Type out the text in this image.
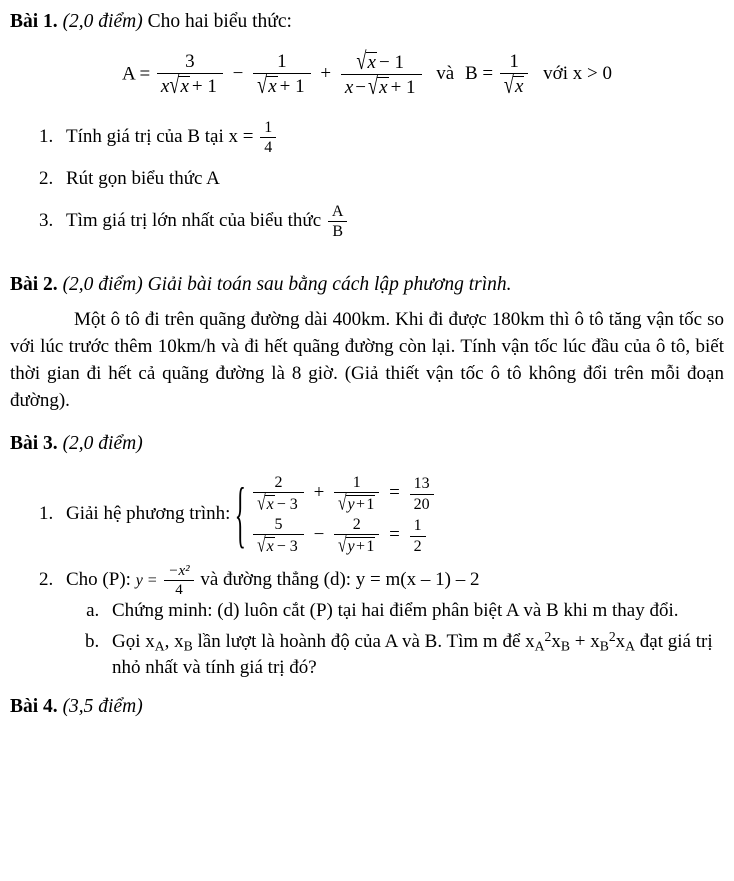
Bài 1. (2,0 điểm) Cho hai biểu thức:
$A = \frac{3}{x√x + 1} - \frac{1}{√x + 1} + \frac{√x - 1}{x - √x + 1}$ và $B = \frac{1}{√x}$ với x > 0
1. Tính giá trị của B tại $x = \frac{1}{4}$
2. Rút gọn biểu thức A
3. Tìm giá trị lớn nhất của biểu thức $\frac{A}{B}$
Bài 2. (2,0 điểm) Giải bài toán sau bằng cách lập phương trình.

Một ô tô đi trên quãng đường dài 400km. Khi đi được 180km thì ô tô tăng vận tốc so với lúc trước thêm 10km/h và đi hết quãng đường còn lại. Tính vận tốc lúc đầu của ô tô, biết thời gian đi hết cả quãng đường là 8 giờ. (Giả thiết vận tốc ô tô không đổi trên mỗi đoạn đường).

Bài 3. (2,0 điểm)
1. Giải hệ phương trình: { $\frac{2}{√x - 3} + \frac{1}{√y + 1} = \frac{13}{20}$
$\frac{5}{√x - 3} - \frac{2}{√y + 1} = \frac{1}{2}$
2. Cho (P): $y = \frac{\text{−x²}}{4}$ và đường thẳng (d): y = m(x – 1) – 2
a. Chứng minh: (d) luôn cắt (P) tại hai điểm phân biệt A và B khi m thay đổi.
b. Gọi $x_A$, $x_B$ lần lượt là hoành độ của A và B. Tìm m để $x_A^2x_B + x_B^2x_A$ đạt giá trị nhỏ nhất và tính giá trị đó?
Bài 4. (3,5 điểm)
